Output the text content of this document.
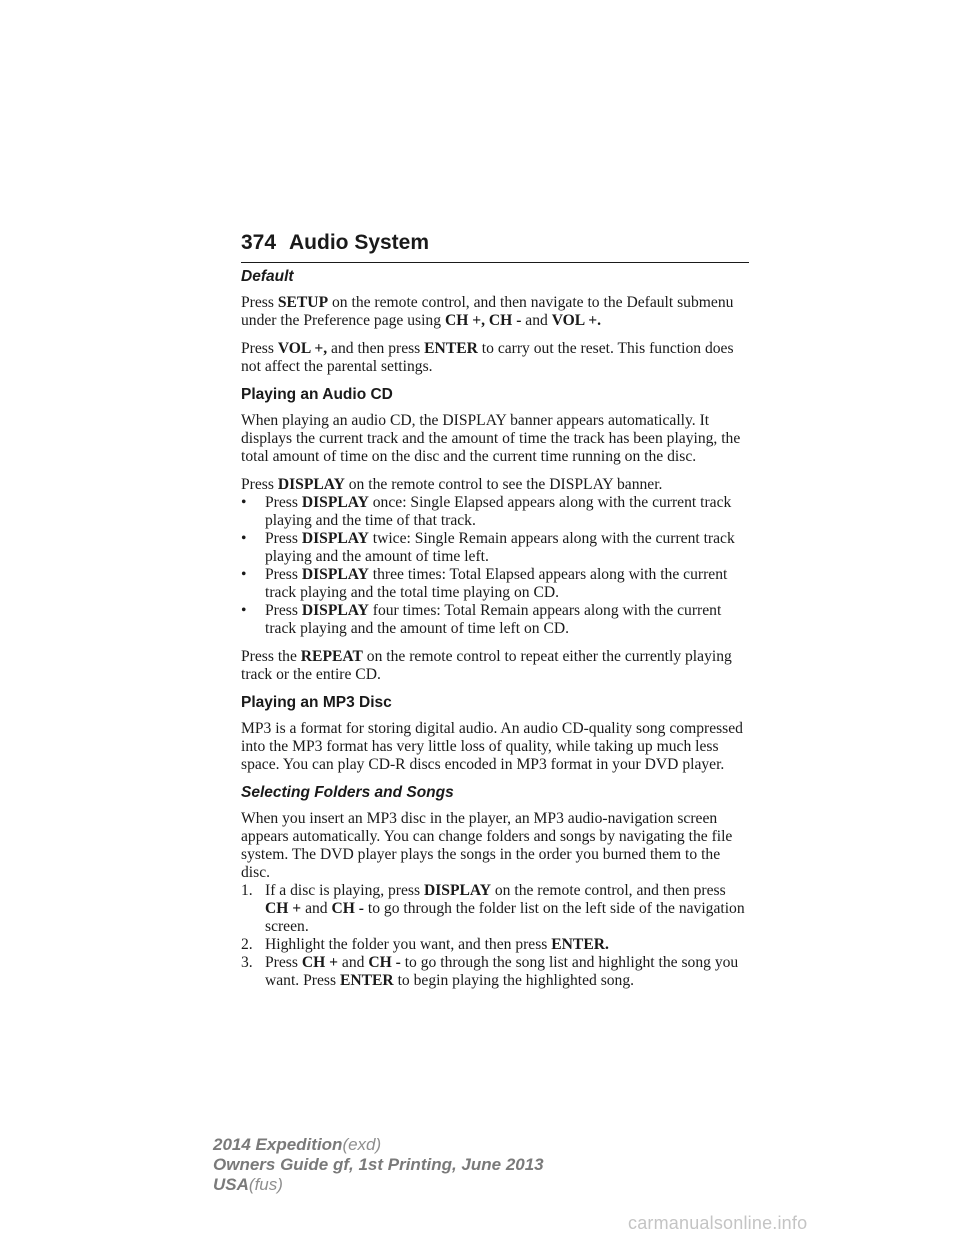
374 Audio System
Default

Press SETUP on the remote control, and then navigate to the Default submenu under the Preference page using CH +, CH - and VOL +.

Press VOL +, and then press ENTER to carry out the reset. This function does not affect the parental settings.

Playing an Audio CD

When playing an audio CD, the DISPLAY banner appears automatically. It displays the current track and the amount of time the track has been playing, the total amount of time on the disc and the current time running on the disc.

Press DISPLAY on the remote control to see the DISPLAY banner.

•	Press DISPLAY once: Single Elapsed appears along with the current track playing and the time of that track.
•	Press DISPLAY twice: Single Remain appears along with the current track playing and the amount of time left.
•	Press DISPLAY three times: Total Elapsed appears along with the current track playing and the total time playing on CD.
•	Press DISPLAY four times: Total Remain appears along with the current track playing and the amount of time left on CD.

Press the REPEAT on the remote control to repeat either the currently playing track or the entire CD.

Playing an MP3 Disc

MP3 is a format for storing digital audio. An audio CD-quality song compressed into the MP3 format has very little loss of quality, while taking up much less space. You can play CD-R discs encoded in MP3 format in your DVD player.

Selecting Folders and Songs

When you insert an MP3 disc in the player, an MP3 audio-navigation screen appears automatically. You can change folders and songs by navigating the file system. The DVD player plays the songs in the order you burned them to the disc.

1. If a disc is playing, press DISPLAY on the remote control, and then press CH + and CH - to go through the folder list on the left side of the navigation screen.
2. Highlight the folder you want, and then press ENTER.
3. Press CH + and CH - to go through the song list and highlight the song you want. Press ENTER to begin playing the highlighted song.
2014 Expedition(exd)
Owners Guide gf, 1st Printing, June 2013
USA(fus)
carmanualsonline.info
